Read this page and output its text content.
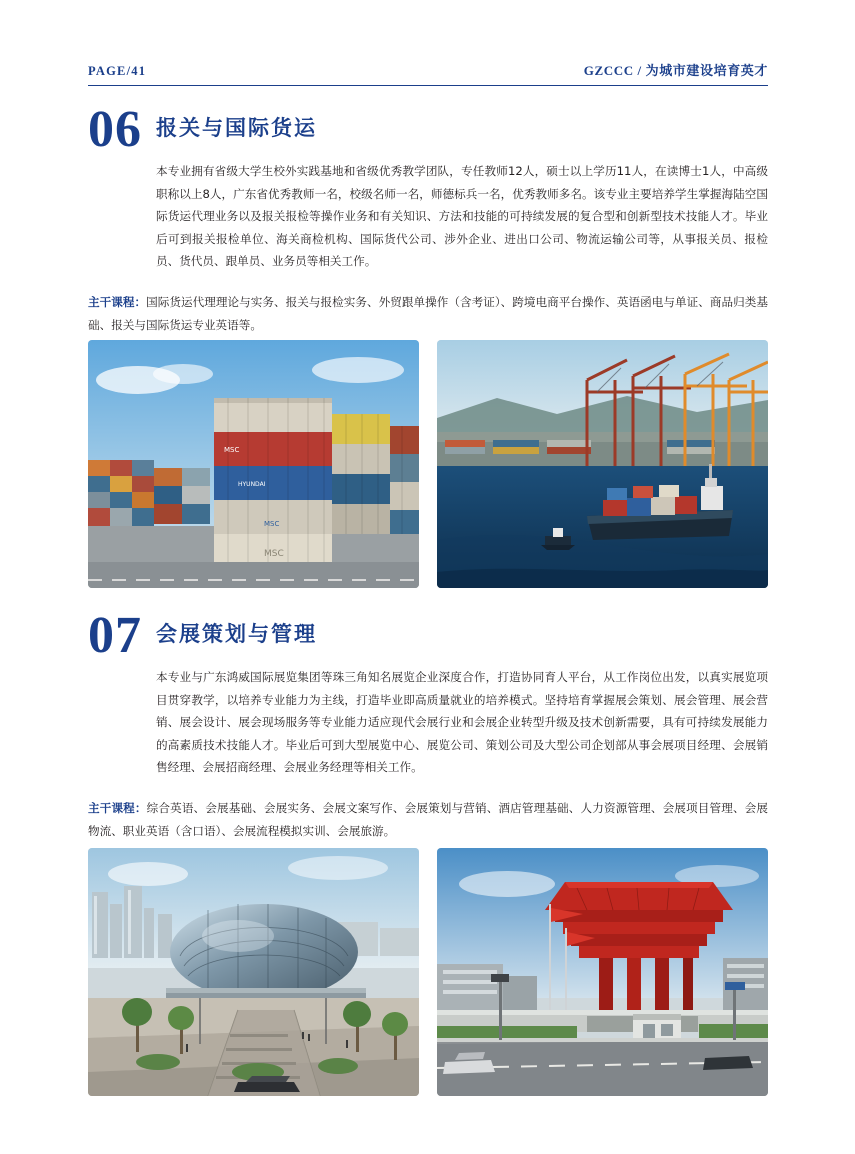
PAGE/41	GZCCC / 为城市建设培育英才
06 报关与国际货运
本专业拥有省级大学生校外实践基地和省级优秀教学团队，专任教师12人，硕士以上学历11人，在读博士1人，中高级职称以上8人，广东省优秀教师一名，校级名师一名，师德标兵一名，优秀教师多名。该专业主要培养学生掌握海陆空国际货运代理业务以及报关报检等操作业务和有关知识、方法和技能的可持续发展的复合型和创新型技术技能人才。毕业后可到报关报检单位、海关商检机构、国际货代公司、涉外企业、进出口公司、物流运输公司等，从事报关员、报检员、货代员、跟单员、业务员等相关工作。
主干课程：国际货运代理理论与实务、报关与报检实务、外贸跟单操作（含考证）、跨境电商平台操作、英语函电与单证、商品归类基础、报关与国际货运专业英语等。
MSC
HYUNDAI
MSC
MSC
07 会展策划与管理
本专业与广东鸿威国际展览集团等珠三角知名展览企业深度合作，打造协同育人平台，从工作岗位出发，以真实展览项目贯穿教学，以培养专业能力为主线，打造毕业即高质量就业的培养模式。坚持培育掌握展会策划、展会管理、展会营销、展会设计、展会现场服务等专业能力适应现代会展行业和会展企业转型升级及技术创新需要，具有可持续发展能力的高素质技术技能人才。毕业后可到大型展览中心、展览公司、策划公司及大型公司企划部从事会展项目经理、会展销售经理、会展招商经理、会展业务经理等相关工作。
主干课程：综合英语、会展基础、会展实务、会展文案写作、会展策划与营销、酒店管理基础、人力资源管理、会展项目管理、会展物流、职业英语（含口语）、会展流程模拟实训、会展旅游。
